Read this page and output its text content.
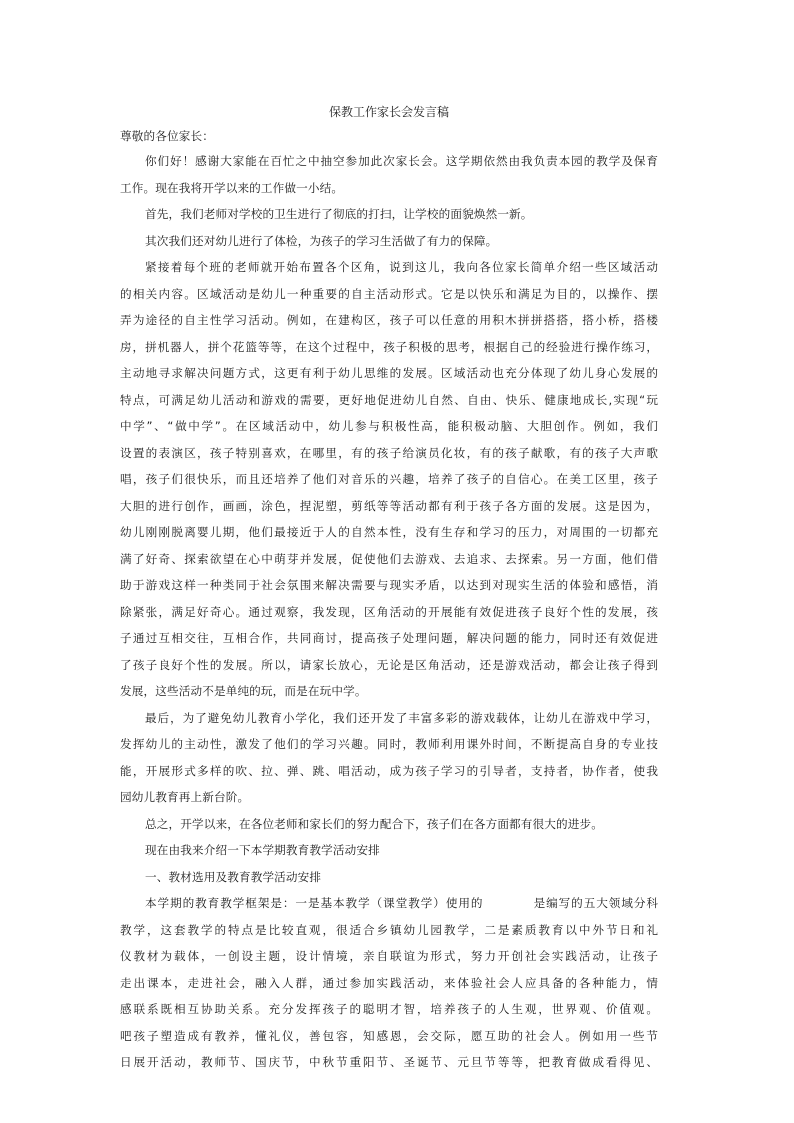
保教工作家长会发言稿

尊敬的各位家长：

你们好！感谢大家能在百忙之中抽空参加此次家长会。这学期依然由我负责本园的教学及保育

工作。现在我将开学以来的工作做一小结。

首先，我们老师对学校的卫生进行了彻底的打扫，让学校的面貌焕然一新。

其次我们还对幼儿进行了体检，为孩子的学习生活做了有力的保障。

紧接着每个班的老师就开始布置各个区角，说到这儿，我向各位家长简单介绍一些区域活动

的相关内容。区域活动是幼儿一种重要的自主活动形式。它是以快乐和满足为目的，以操作、摆

弄为途径的自主性学习活动。例如，在建构区，孩子可以任意的用积木拼拼搭搭，搭小桥，搭楼

房，拼机器人，拼个花篮等等，在这个过程中，孩子积极的思考，根据自己的经验进行操作练习，

主动地寻求解决问题方式，这更有利于幼儿思维的发展。区域活动也充分体现了幼儿身心发展的

特点，可满足幼儿活动和游戏的需要，更好地促进幼儿自然、自由、快乐、健康地成长,实现“玩

中学”、“做中学”。在区域活动中，幼儿参与积极性高，能积极动脑、大胆创作。例如，我们

设置的表演区，孩子特别喜欢，在哪里，有的孩子给演员化妆，有的孩子献歌，有的孩子大声歌

唱，孩子们很快乐，而且还培养了他们对音乐的兴趣，培养了孩子的自信心。在美工区里，孩子

大胆的进行创作，画画，涂色，捏泥塑，剪纸等等活动都有利于孩子各方面的发展。这是因为，

幼儿刚刚脱离婴儿期，他们最接近于人的自然本性，没有生存和学习的压力，对周围的一切都充

满了好奇、探索欲望在心中萌芽并发展，促使他们去游戏、去追求、去探索。另一方面，他们借

助于游戏这样一种类同于社会氛围来解决需要与现实矛盾，以达到对现实生活的体验和感悟，消

除紧张，满足好奇心。通过观察，我发现，区角活动的开展能有效促进孩子良好个性的发展，孩

子通过互相交往，互相合作，共同商讨，提高孩子处理问题，解决问题的能力，同时还有效促进

了孩子良好个性的发展。所以，请家长放心，无论是区角活动，还是游戏活动，都会让孩子得到

发展，这些活动不是单纯的玩，而是在玩中学。

最后，为了避免幼儿教育小学化，我们还开发了丰富多彩的游戏载体，让幼儿在游戏中学习，

发挥幼儿的主动性，激发了他们的学习兴趣。同时，教师利用课外时间，不断提高自身的专业技

能，开展形式多样的吹、拉、弹、跳、唱活动，成为孩子学习的引导者，支持者，协作者，使我

园幼儿教育再上新台阶。

总之，开学以来，在各位老师和家长们的努力配合下，孩子们在各方面都有很大的进步。

现在由我来介绍一下本学期教育教学活动安排

一、教材选用及教育教学活动安排

本学期的教育教学框架是：一是基本教学（课堂教学）使用的　　　　是编写的五大领域分科

教学，这套教学的特点是比较直观，很适合乡镇幼儿园教学，二是素质教育以中外节日和礼

仪教材为载体，一创设主题，设计情境，亲自联谊为形式，努力开创社会实践活动，让孩子

走出课本，走进社会，融入人群，通过参加实践活动，来体验社会人应具备的各种能力，情

感联系既相互协助关系。充分发挥孩子的聪明才智，培养孩子的人生观，世界观、价值观。

吧孩子塑造成有教养，懂礼仪，善包容，知感恩，会交际，愿互助的社会人。例如用一些节

日展开活动，教师节、国庆节，中秋节重阳节、圣诞节、元旦节等等，把教育做成看得见、
